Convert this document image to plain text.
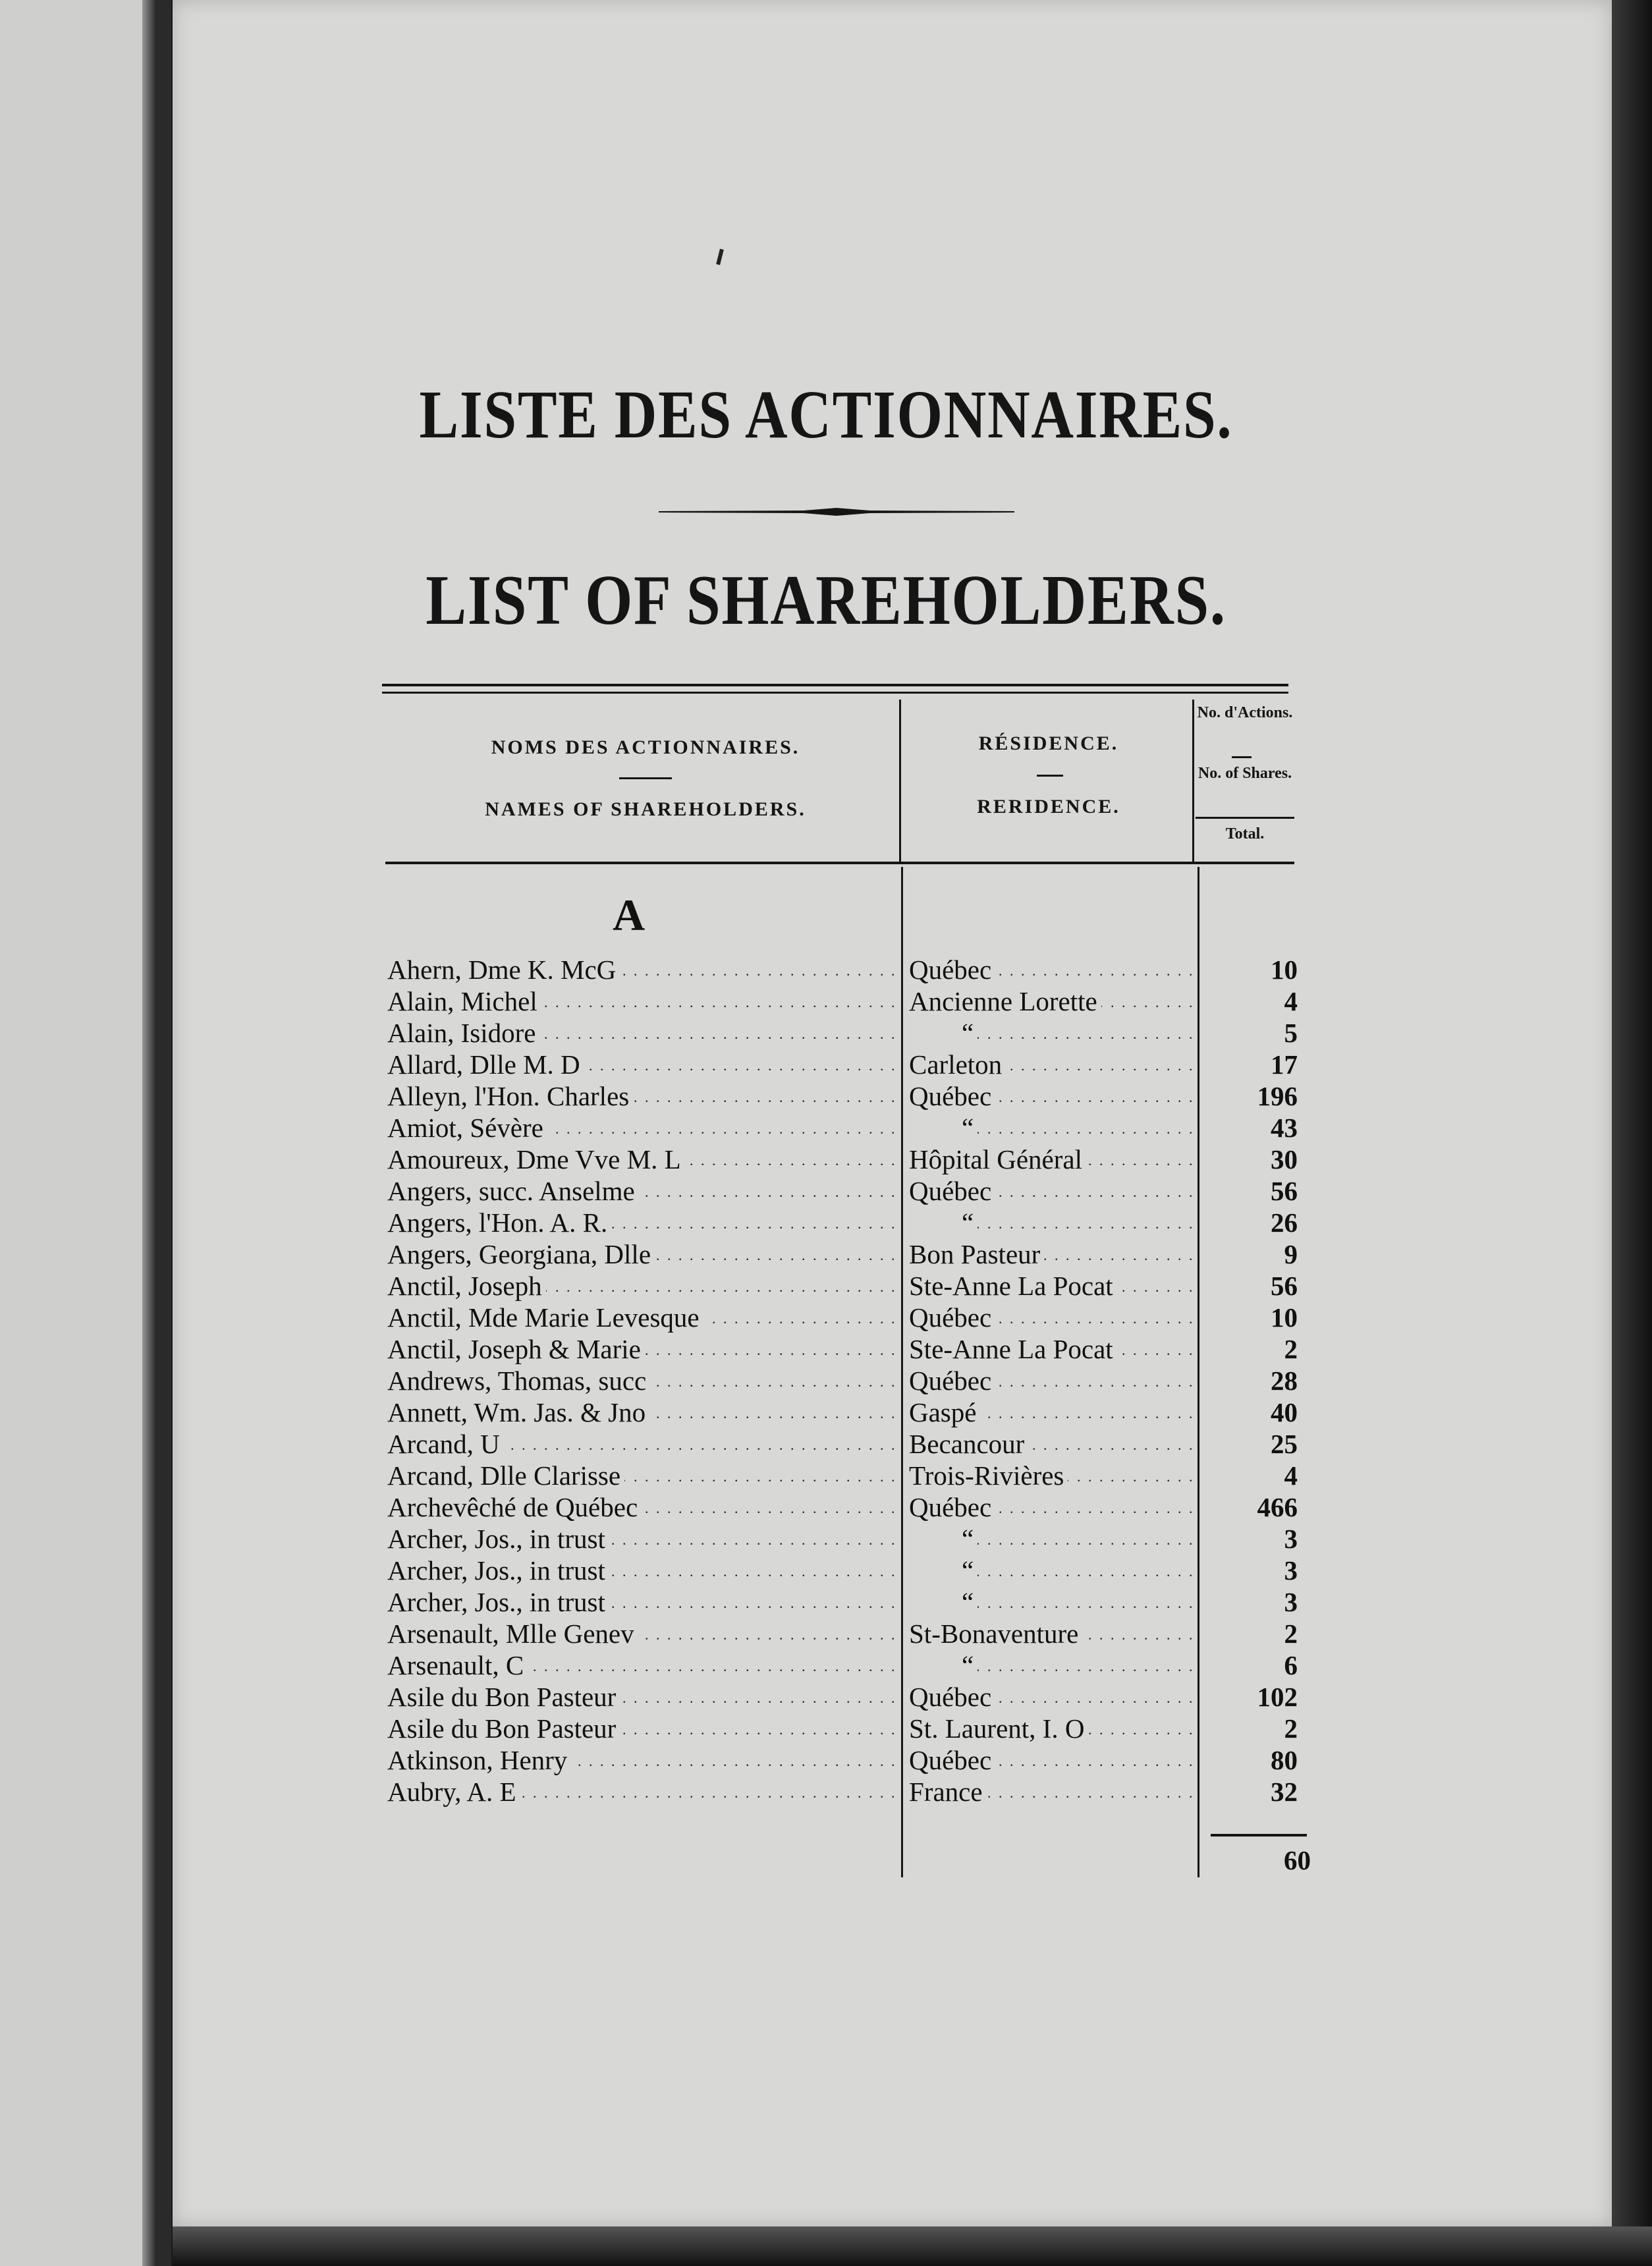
LISTE DES ACTIONNAIRES.
LIST OF SHAREHOLDERS.
NOMS DES ACTIONNAIRES.
NAMES OF SHAREHOLDERS.
RÉSIDENCE.
RERIDENCE.
No. d'Actions.
No. of Shares.
Total.
A
Ahern, Dme K. McG . . .	Québec . . .	10
Alain, Michel . . .	Ancienne Lorette . . .	4
Alain, Isidore . . .	“ . . .	5
Allard, Dlle M. D . . .	Carleton . . .	17
Alleyn, l'Hon. Charles . . .	Québec . . .	196
Amiot, Sévère . . .	“ . . .	43
Amoureux, Dme Vve M. L . . .	Hôpital Général . . .	30
Angers, succ. Anselme . . .	Québec . . .	56
Angers, l'Hon. A. R. . . .	“ . . .	26
Angers, Georgiana, Dlle . . .	Bon Pasteur . . .	9
Anctil, Joseph . . .	Ste-Anne La Pocat . . .	56
Anctil, Mde Marie Levesque . . .	Québec . . .	10
Anctil, Joseph & Marie . . .	Ste-Anne La Pocat . . .	2
Andrews, Thomas, succ . . .	Québec . . .	28
Annett, Wm. Jas. & Jno . . .	Gaspé . . .	40
Arcand, U . . .	Becancour . . .	25
Arcand, Dlle Clarisse . . .	Trois-Rivières . . .	4
Archevêché de Québec . . .	Québec . . .	466
Archer, Jos., in trust . . .	“ . . .	3
Archer, Jos., in trust . . .	“ . . .	3
Archer, Jos., in trust . . .	“ . . .	3
Arsenault, Mlle Genev . . .	St-Bonaventure . . .	2
Arsenault, C . . .	“ . . .	6
Asile du Bon Pasteur . . .	Québec . . .	102
Asile du Bon Pasteur . . .	St. Laurent, I. O . . .	2
Atkinson, Henry . . .	Québec . . .	80
Aubry, A. E . . .	France . . .	32
60
